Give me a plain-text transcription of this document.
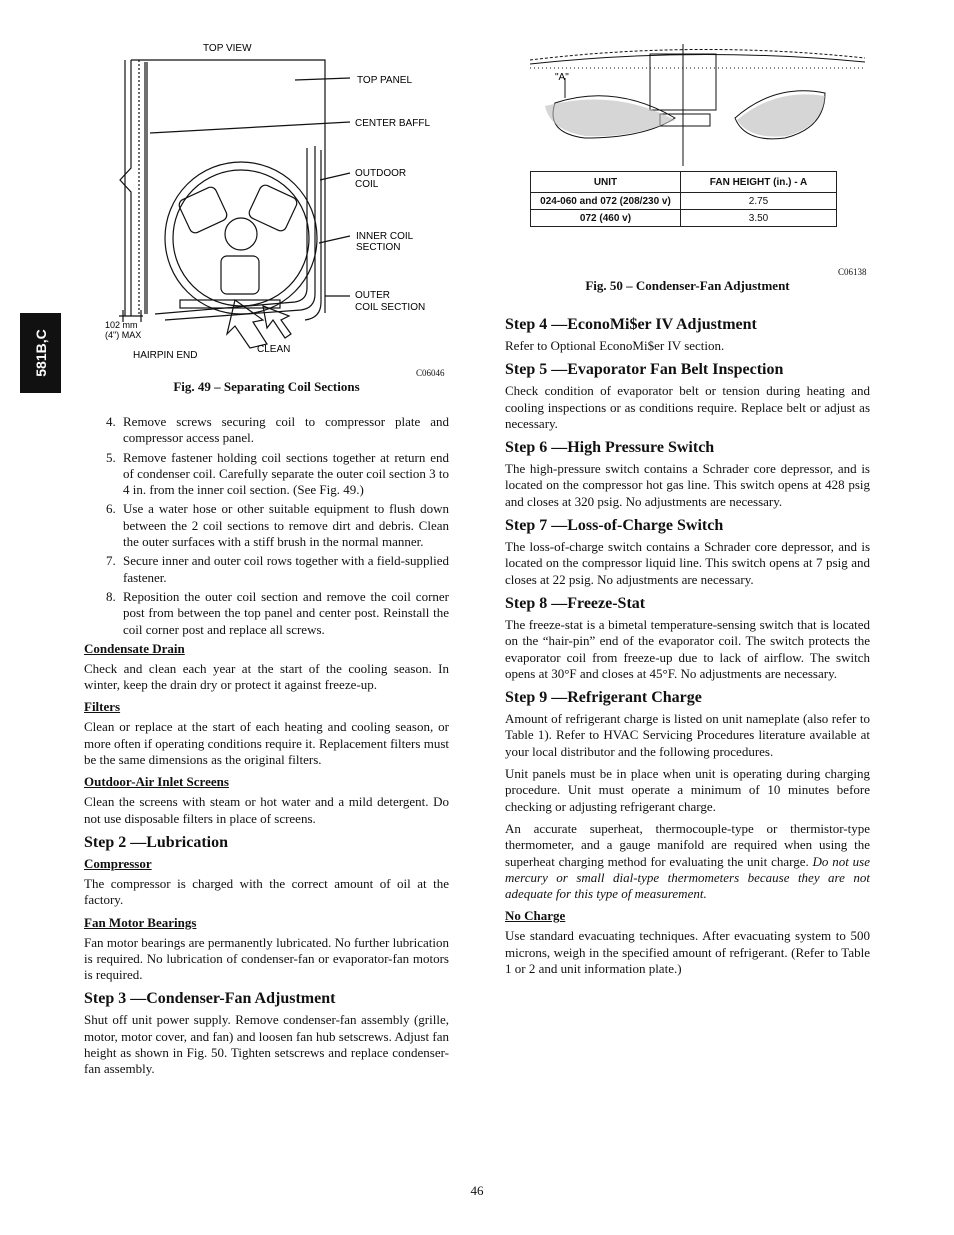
581B,C
TOP VIEW
TOP PANEL
CENTER BAFFL
OUTDOOR
COIL
INNER COIL
SECTION
OUTER
COIL SECTION
102 mm
(4") MAX
HAIRPIN END
CLEAN
C06046
Fig. 49 – Separating Coil Sections
4. Remove screws securing coil to compressor plate and compressor access panel.
5. Remove fastener holding coil sections together at return end of condenser coil. Carefully separate the outer coil section 3 to 4 in. from the inner coil section. (See Fig. 49.)
6. Use a water hose or other suitable equipment to flush down between the 2 coil sections to remove dirt and debris. Clean the outer surfaces with a stiff brush in the normal manner.
7. Secure inner and outer coil rows together with a field-supplied fastener.
8. Reposition the outer coil section and remove the coil corner post from between the top panel and center post. Reinstall the coil corner post and replace all screws.
Condensate Drain

Check and clean each year at the start of the cooling season. In winter, keep the drain dry or protect it against freeze-up.

Filters

Clean or replace at the start of each heating and cooling season, or more often if operating conditions require it. Replacement filters must be the same dimensions as the original filters.

Outdoor-Air Inlet Screens

Clean the screens with steam or hot water and a mild detergent. Do not use disposable filters in place of screens.

Step 2 —Lubrication
Compressor

The compressor is charged with the correct amount of oil at the factory.

Fan Motor Bearings

Fan motor bearings are permanently lubricated. No further lubrication is required. No lubrication of condenser-fan or evaporator-fan motors is required.

Step 3 —Condenser-Fan Adjustment

Shut off unit power supply. Remove condenser-fan assembly (grille, motor, motor cover, and fan) and loosen fan hub setscrews. Adjust fan height as shown in Fig. 50. Tighten setscrews and replace condenser-fan assembly.

"A"
UNIT	FAN HEIGHT (in.) - A
024-060 and 072 (208/230 v)	2.75
072 (460 v)	3.50
C06138
Fig. 50 – Condenser-Fan Adjustment
Step 4 —EconoMi$er IV Adjustment

Refer to Optional EconoMi$er IV section.

Step 5 —Evaporator Fan Belt Inspection

Check condition of evaporator belt or tension during heating and cooling inspections or as conditions require. Replace belt or adjust as necessary.

Step 6 —High Pressure Switch

The high-pressure switch contains a Schrader core depressor, and is located on the compressor hot gas line. This switch opens at 428 psig and closes at 320 psig. No adjustments are necessary.

Step 7 —Loss-of-Charge Switch

The loss-of-charge switch contains a Schrader core depressor, and is located on the compressor liquid line. This switch opens at 7 psig and closes at 22 psig. No adjustments are necessary.

Step 8 —Freeze-Stat

The freeze-stat is a bimetal temperature-sensing switch that is located on the “hair-pin” end of the evaporator coil. The switch protects the evaporator coil from freeze-up due to lack of airflow. The switch opens at 30°F and closes at 45°F. No adjustments are necessary.

Step 9 —Refrigerant Charge

Amount of refrigerant charge is listed on unit nameplate (also refer to Table 1). Refer to HVAC Servicing Procedures literature available at your local distributor and the following procedures.

Unit panels must be in place when unit is operating during charging procedure. Unit must operate a minimum of 10 minutes before checking or adjusting refrigerant charge.

An accurate superheat, thermocouple-type or thermistor-type thermometer, and a gauge manifold are required when using the superheat charging method for evaluating the unit charge. Do not use mercury or small dial-type thermometers because they are not adequate for this type of measurement.

No Charge

Use standard evacuating techniques. After evacuating system to 500 microns, weigh in the specified amount of refrigerant. (Refer to Table 1 or 2 and unit information plate.)

46
